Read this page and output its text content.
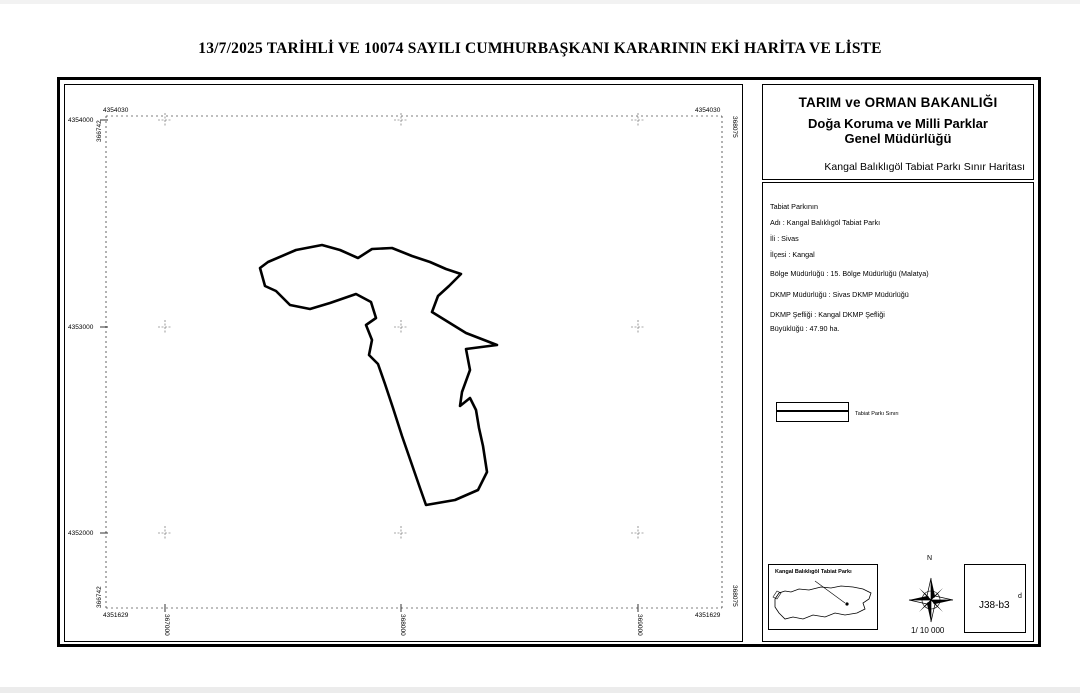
13/7/2025 TARİHLİ VE 10074 SAYILI CUMHURBAŞKANI KARARININ EKİ HARİTA VE LİSTE
4354030	4354030
4354000
4353000
4352000
4351629	4351629
366742
366742
368075
368075
367000	368000	369000
TARIM ve ORMAN BAKANLIĞI
Doğa Koruma ve Milli Parklar
Genel Müdürlüğü
Kangal Balıklıgöl Tabiat Parkı Sınır Haritası
Tabiat Parkının
Adı : Kangal Balıklıgöl Tabiat Parkı
İli : Sivas
İlçesi : Kangal
Bölge Müdürlüğü : 15. Bölge Müdürlüğü (Malatya)
DKMP Müdürlüğü : Sivas DKMP Müdürlüğü
DKMP Şefliği : Kangal DKMP Şefliği
Büyüklüğü : 47.90 ha.
Tabiat Parkı Sınırı
Kangal Balıklıgöl Tabiat Parkı
N
1/ 10 000
J38-b3
d
